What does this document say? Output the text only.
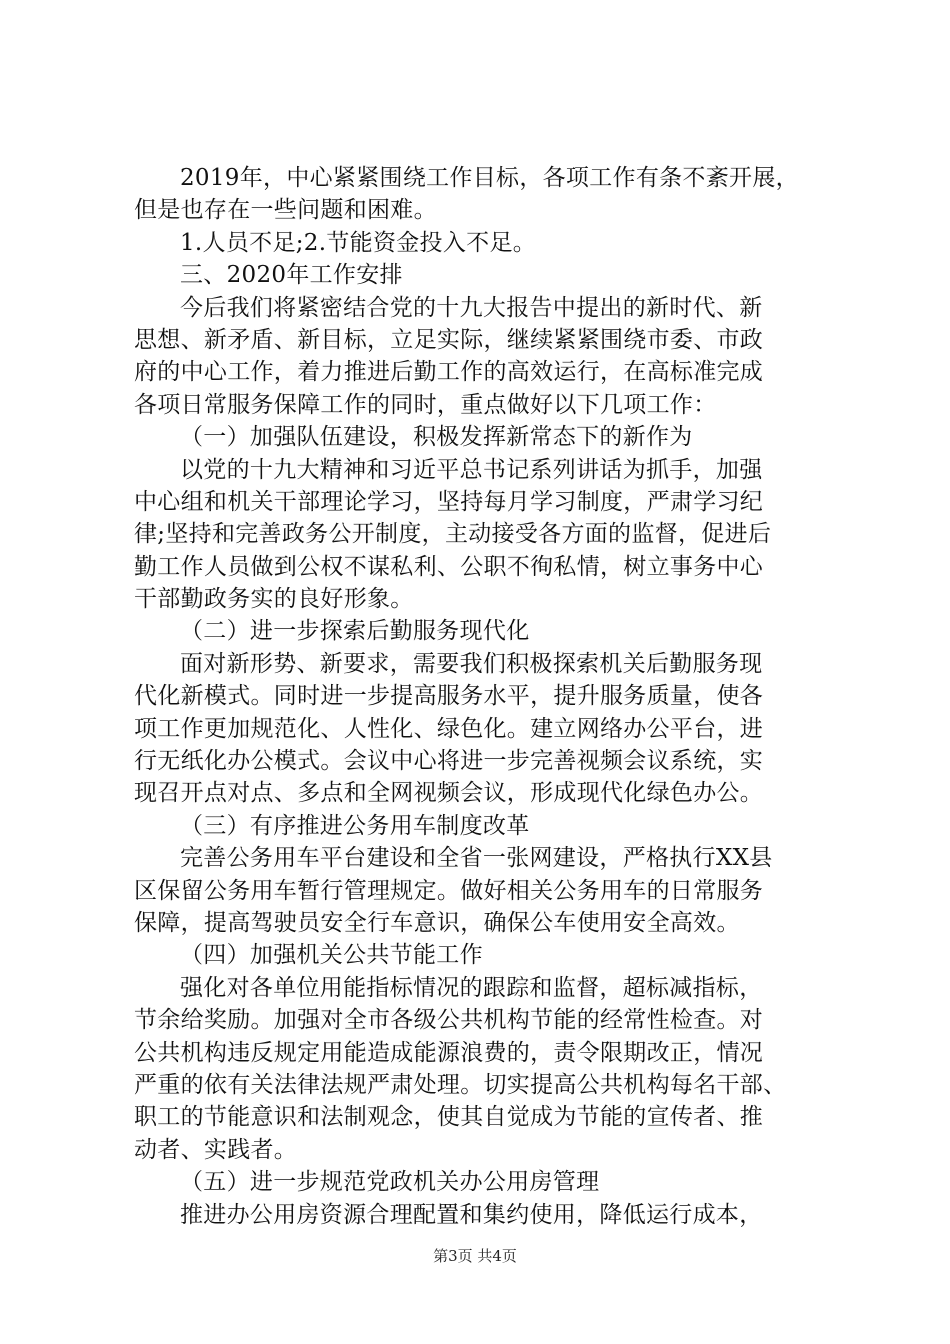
2019年，中心紧紧围绕工作目标，各项工作有条不紊开展，
但是也存在一些问题和困难。
1.人员不足;2.节能资金投入不足。
三、2020年工作安排
今后我们将紧密结合党的十九大报告中提出的新时代、新
思想、新矛盾、新目标，立足实际，继续紧紧围绕市委、市政
府的中心工作，着力推进后勤工作的高效运行，在高标准完成
各项日常服务保障工作的同时，重点做好以下几项工作：
（一）加强队伍建设，积极发挥新常态下的新作为
以党的十九大精神和习近平总书记系列讲话为抓手，加强
中心组和机关干部理论学习，坚持每月学习制度，严肃学习纪
律;坚持和完善政务公开制度，主动接受各方面的监督，促进后
勤工作人员做到公权不谋私利、公职不徇私情，树立事务中心
干部勤政务实的良好形象。
（二）进一步探索后勤服务现代化
面对新形势、新要求，需要我们积极探索机关后勤服务现
代化新模式。同时进一步提高服务水平，提升服务质量，使各
项工作更加规范化、人性化、绿色化。建立网络办公平台，进
行无纸化办公模式。会议中心将进一步完善视频会议系统，实
现召开点对点、多点和全网视频会议，形成现代化绿色办公。
（三）有序推进公务用车制度改革
完善公务用车平台建设和全省一张网建设，严格执行XX县
区保留公务用车暂行管理规定。做好相关公务用车的日常服务
保障，提高驾驶员安全行车意识，确保公车使用安全高效。
（四）加强机关公共节能工作
强化对各单位用能指标情况的跟踪和监督，超标减指标，
节余给奖励。加强对全市各级公共机构节能的经常性检查。对
公共机构违反规定用能造成能源浪费的，责令限期改正，情况
严重的依有关法律法规严肃处理。切实提高公共机构每名干部、
职工的节能意识和法制观念，使其自觉成为节能的宣传者、推
动者、实践者。
（五）进一步规范党政机关办公用房管理
推进办公用房资源合理配置和集约使用，降低运行成本，
第3页 共4页
